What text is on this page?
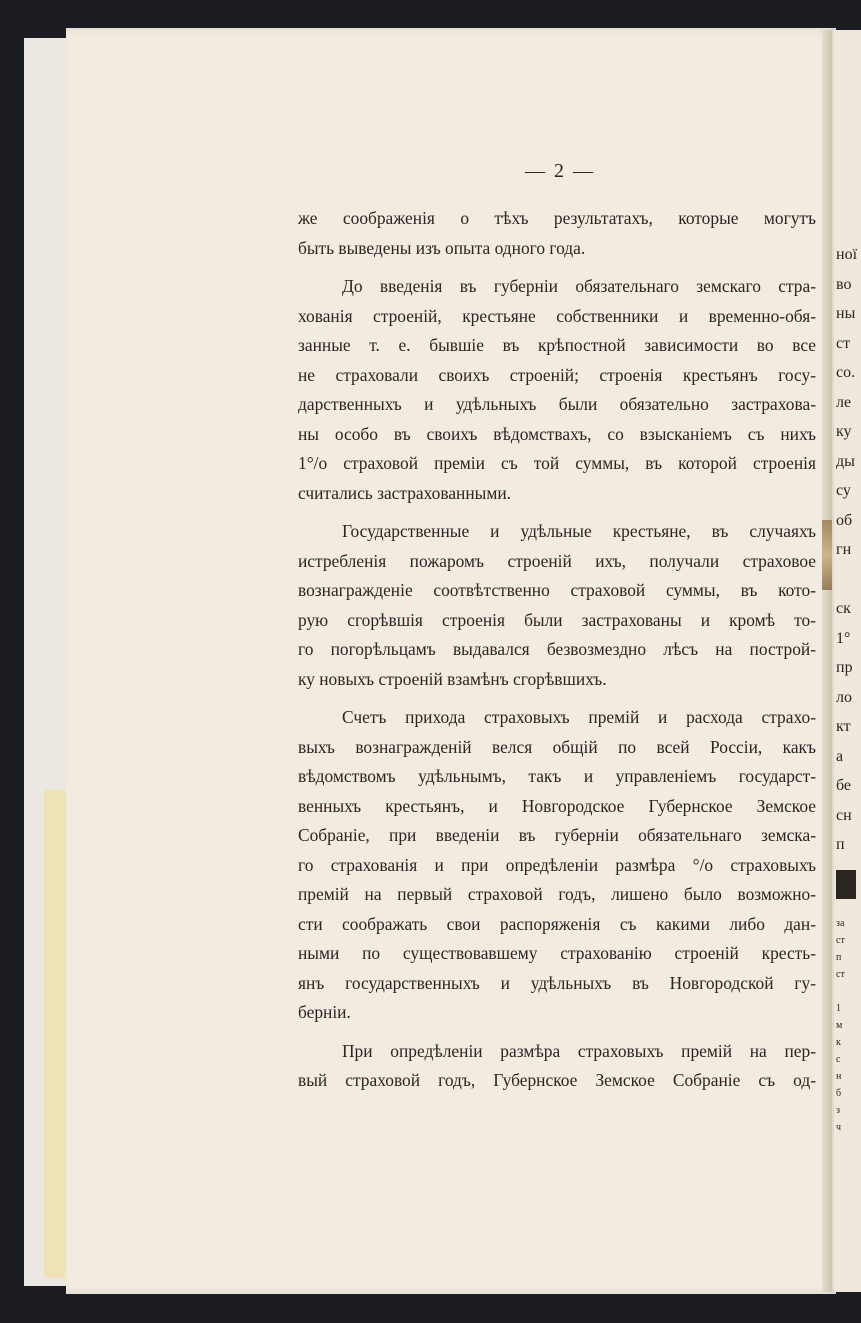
ної
во
ны
ст
со.
ле
ку
ды
су
об
гн
ск
1°
пр
ло
кт
а
бе
сн
п
за
ст
п
ст
1
м
к
с
н
б
з
ч
— 2 —
же соображенія о тѣхъ результатахъ, которые могутъ
быть выведены изъ опыта одного года.
До введенія въ губерніи обязательнаго земскаго стра-
хованія строеній, крестьяне собственники и временно-обя-
занные т. е. бывшіе въ крѣпостной зависимости во все
не страховали своихъ строеній; строенія крестьянъ госу-
дарственныхъ и удѣльныхъ были обязательно застрахова-
ны особо въ своихъ вѣдомствахъ, со взысканіемъ съ нихъ
1°/о страховой преміи съ той суммы, въ которой строенія
считались застрахованными.
Государственные и удѣльные крестьяне, въ случаяхъ
истребленія пожаромъ строеній ихъ, получали страховое
вознагражденіе соотвѣтственно страховой суммы, въ кото-
рую сгорѣвшія строенія были застрахованы и кромѣ то-
го погорѣльцамъ выдавался безвозмездно лѣсъ на построй-
ку новыхъ строеній взамѣнъ сгорѣвшихъ.
Счетъ прихода страховыхъ премій и расхода страхо-
выхъ вознагражденій велся общій по всей Россіи, какъ
вѣдомствомъ удѣльнымъ, такъ и управленіемъ государст-
венныхъ крестьянъ, и Новгородское Губернское Земское
Собраніе, при введеніи въ губерніи обязательнаго земска-
го страхованія и при опредѣленіи размѣра °/о страховыхъ
премій на первый страховой годъ, лишено было возможно-
сти соображать свои распоряженія съ какими либо дан-
ными по существовавшему страхованію строеній кресть-
янъ государственныхъ и удѣльныхъ въ Новгородской гу-
берніи.
При опредѣленіи размѣра страховыхъ премій на пер-
вый страховой годъ, Губернское Земское Собраніе съ од-
